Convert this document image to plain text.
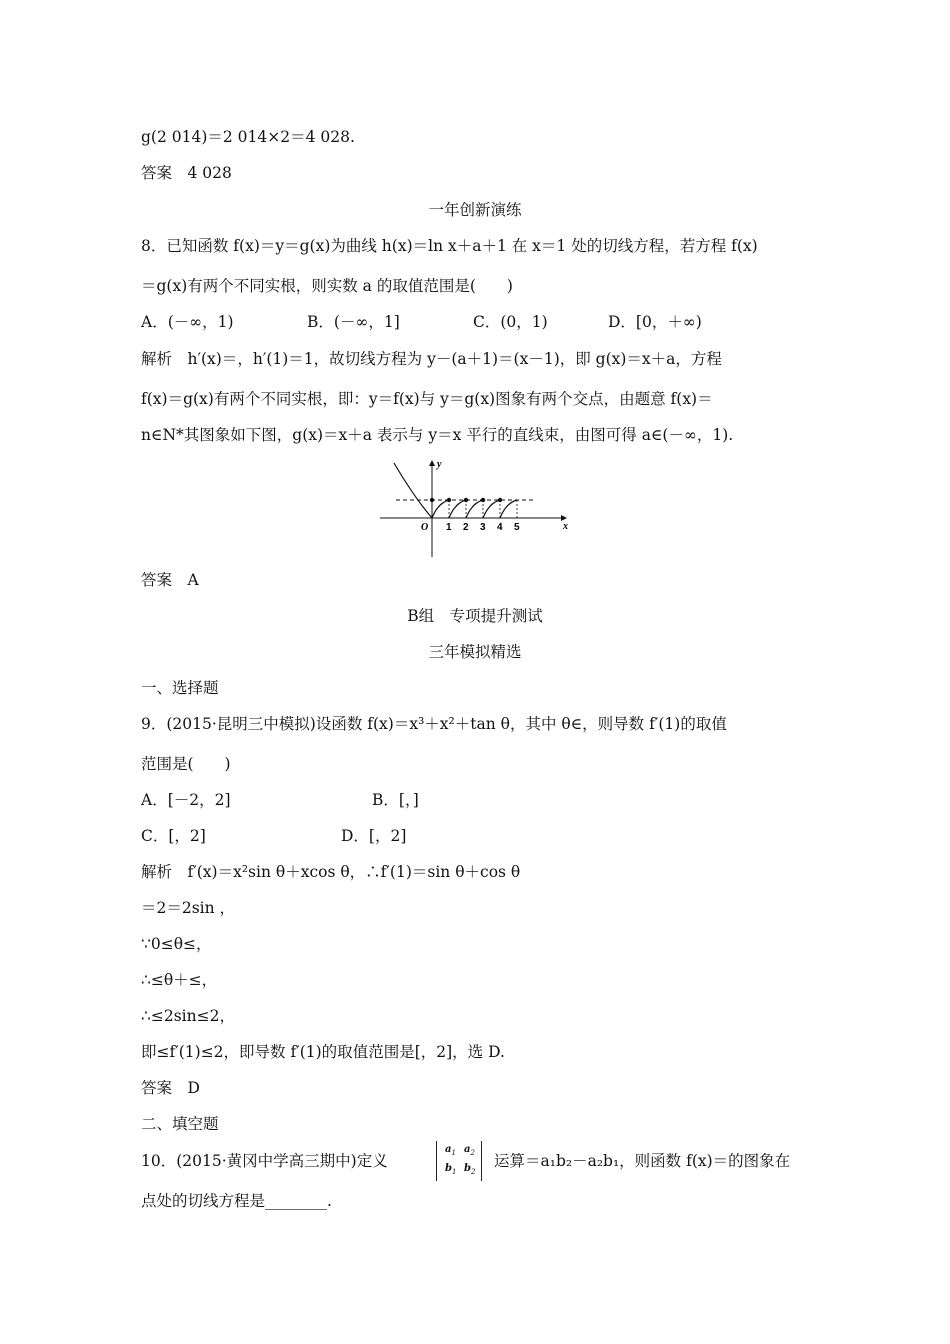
g(2 014)＝2 014×2＝4 028.
答案　4 028
一年创新演练
8．已知函数 f(x)＝y＝g(x)为曲线 h(x)＝ln x＋a＋1 在 x＝1 处的切线方程，若方程 f(x)
＝g(x)有两个不同实根，则实数 a 的取值范围是(　　)
A．(－∞，1)	B．(－∞，1]	C．(0，1)	D．[0，＋∞)
解析　h′(x)＝，h′(1)＝1，故切线方程为 y－(a＋1)＝(x－1)，即 g(x)＝x＋a，方程
f(x)＝g(x)有两个不同实根，即：y＝f(x)与 y＝g(x)图象有两个交点，由题意 f(x)＝
n∈N*其图象如下图，g(x)＝x＋a 表示与 y＝x 平行的直线束，由图可得 a∈(－∞，1).
y
x
O 1 2 3 4 5
答案　A
B组　专项提升测试
三年模拟精选
一、选择题
9．(2015·昆明三中模拟)设函数 f(x)＝x³＋x²＋tan θ，其中 θ∈，则导数 f′(1)的取值
范围是(　　)
A．[－2，2]	B．[，]
C．[，2]	D．[，2]
解析　f′(x)＝x²sin θ＋xcos θ，∴f′(1)＝sin θ＋cos θ
＝2＝2sin ，
∵0≤θ≤，
∴≤θ＋≤，
∴≤2sin≤2，
即≤f′(1)≤2，即导数 f′(1)的取值范围是[，2]，选 D.
答案　D
二、填空题
10．(2015·黄冈中学高三期中)定义
$a_1$ $a_2$
$b_1$ $b_2$
运算＝a₁b₂－a₂b₁，则函数 f(x)＝的图象在
点处的切线方程是________.
